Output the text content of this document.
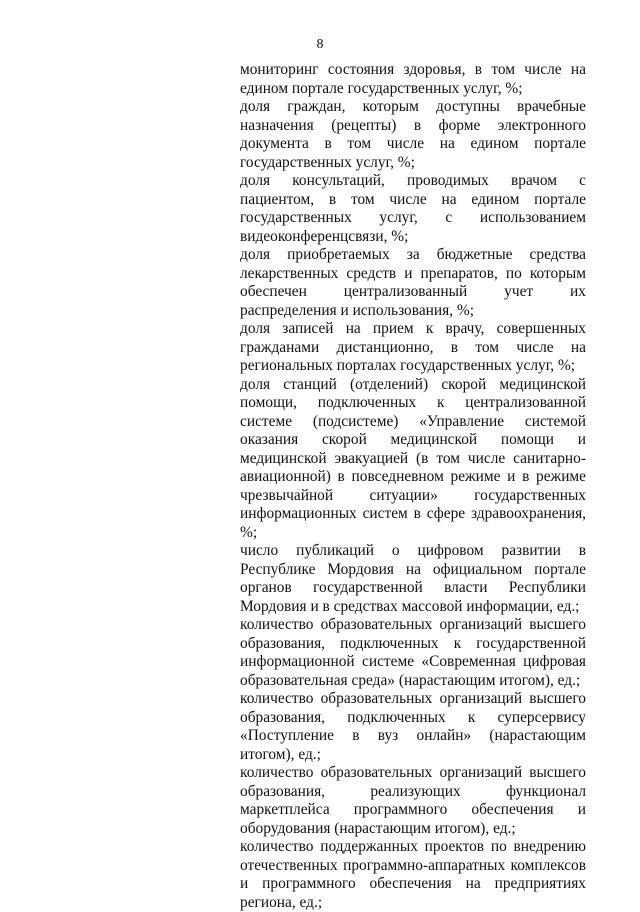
8

мониторинг состояния здоровья, в том числе на едином портале государственных услуг, %;

доля граждан, которым доступны врачебные назначения (рецепты) в форме электронного документа в том числе на едином портале государственных услуг, %;

доля консультаций, проводимых врачом с пациентом, в том числе на едином портале государственных услуг, с использованием видеоконференцсвязи, %;

доля приобретаемых за бюджетные средства лекарственных средств и препаратов, по которым обеспечен централизованный учет их распределения и использования, %;

доля записей на прием к врачу, совершенных гражданами дистанционно, в том числе на региональных порталах государственных услуг, %;

доля станций (отделений) скорой медицинской помощи, подключенных к централизованной системе (подсистеме) «Управление системой оказания скорой медицинской помощи и медицинской эвакуацией (в том числе санитарно-авиационной) в повседневном режиме и в режиме чрезвычайной ситуации» государственных информационных систем в сфере здравоохранения, %;

число публикаций о цифровом развитии в Республике Мордовия на официальном портале органов государственной власти Республики Мордовия и в средствах массовой информации, ед.;

количество образовательных организаций высшего образования, подключенных к государственной информационной системе «Современная цифровая образовательная среда» (нарастающим итогом), ед.;

количество образовательных организаций высшего образования, подключенных к суперсервису «Поступление в вуз онлайн» (нарастающим итогом), ед.;

количество образовательных организаций высшего образования, реализующих функционал маркетплейса программного обеспечения и оборудования (нарастающим итогом), ед.;

количество поддержанных проектов по внедрению отечественных программно-аппаратных комплексов и программного обеспечения на предприятиях региона, ед.;
